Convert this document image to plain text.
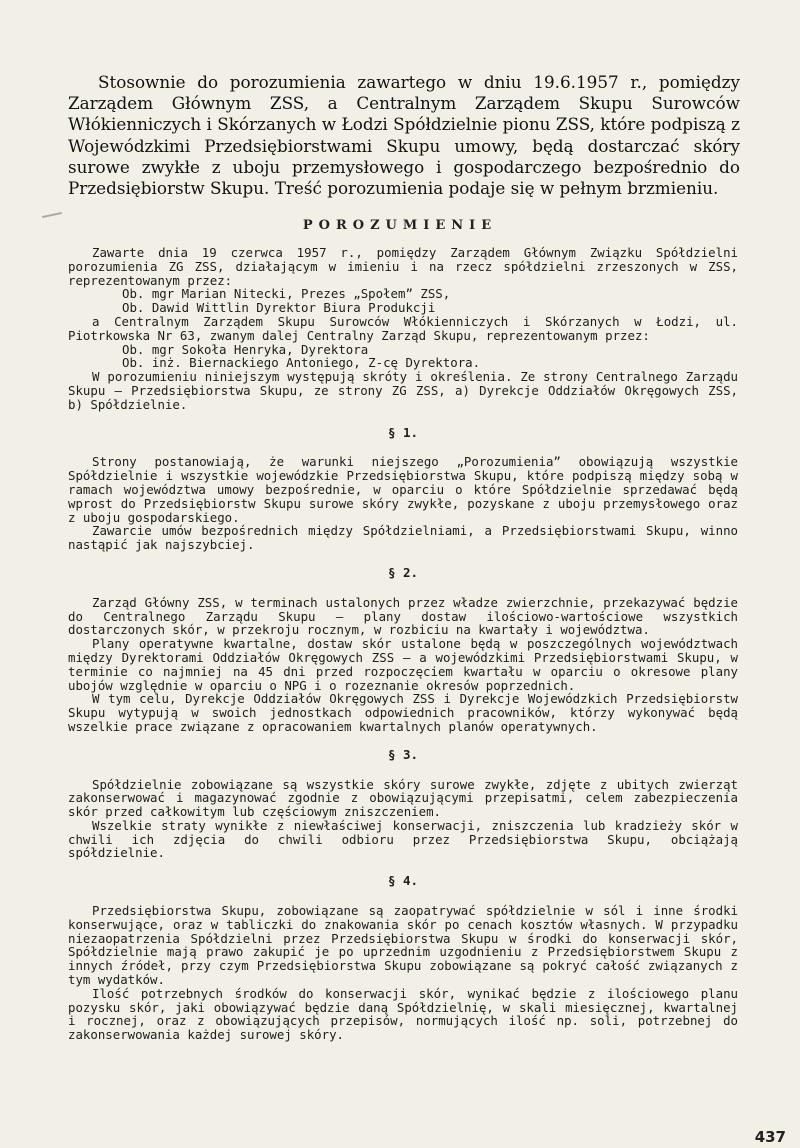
Stosownie do porozumienia zawartego w dniu 19.6.1957 r., pomiędzy Zarządem Głównym ZSS, a Centralnym Zarządem Skupu Surowców Włókienniczych i Skórzanych w Łodzi Spółdzielnie pionu ZSS, które podpiszą z Wojewódzkimi Przedsiębiorstwami Skupu umowy, będą dostarczać skóry surowe zwykłe z uboju przemysłowego i gospodarczego bezpośrednio do Przedsiębiorstw Skupu. Treść porozumienia podaje się w pełnym brzmieniu.

POROZUMIENIE

Zawarte dnia 19 czerwca 1957 r., pomiędzy Zarządem Głównym Związku Spółdzielni porozumienia ZG ZSS, działającym w imieniu i na rzecz spółdzielni zrzeszonych w ZSS, reprezentowanym przez:

Ob. mgr Marian Nitecki, Prezes „Społem” ZSS,

Ob. Dawid Wittlin Dyrektor Biura Produkcji

a Centralnym Zarządem Skupu Surowców Włókienniczych i Skórzanych w Łodzi, ul. Piotrkowska Nr 63, zwanym dalej Centralny Zarząd Skupu, reprezentowanym przez:

Ob. mgr Sokoła Henryka, Dyrektora

Ob. inż. Biernackiego Antoniego, Z-cę Dyrektora.

W porozumieniu niniejszym występują skróty i określenia. Ze strony Centralnego Zarządu Skupu — Przedsiębiorstwa Skupu, ze strony ZG ZSS, a) Dyrekcje Oddziałów Okręgowych ZSS, b) Spółdzielnie.

§ 1.

Strony postanowiają, że warunki niejszego „Porozumienia” obowiązują wszystkie Spółdzielnie i wszystkie wojewódzkie Przedsiębiorstwa Skupu, które podpiszą między sobą w ramach województwa umowy bezpośrednie, w oparciu o które Spółdzielnie sprzedawać będą wprost do Przedsiębiorstw Skupu surowe skóry zwykłe, pozyskane z uboju przemysłowego oraz z uboju gospodarskiego.

Zawarcie umów bezpośrednich między Spółdzielniami, a Przedsiębiorstwami Skupu, winno nastąpić jak najszybciej.

§ 2.

Zarząd Główny ZSS, w terminach ustalonych przez władze zwierzchnie, przekazywać będzie do Centralnego Zarządu Skupu — plany dostaw ilościowo-wartościowe wszystkich dostarczonych skór, w przekroju rocznym, w rozbiciu na kwartały i województwa.

Plany operatywne kwartalne, dostaw skór ustalone będą w poszczególnych województwach między Dyrektorami Oddziałów Okręgowych ZSS — a wojewódzkimi Przedsiębiorstwami Skupu, w terminie co najmniej na 45 dni przed rozpoczęciem kwartału w oparciu o okresowe plany ubojów względnie w oparciu o NPG i o rozeznanie okresów poprzednich.

W tym celu, Dyrekcje Oddziałów Okręgowych ZSS i Dyrekcje Wojewódzkich Przedsiębiorstw Skupu wytypują w swoich jednostkach odpowiednich pracowników, którzy wykonywać będą wszelkie prace związane z opracowaniem kwartalnych planów operatywnych.

§ 3.

Spółdzielnie zobowiązane są wszystkie skóry surowe zwykłe, zdjęte z ubitych zwierząt zakonserwować i magazynować zgodnie z obowiązującymi przepisatmi, celem zabezpieczenia skór przed całkowitym lub częściowym zniszczeniem.

Wszelkie straty wynikłe z niewłaściwej konserwacji, zniszczenia lub kradzieży skór w chwili ich zdjęcia do chwili odbioru przez Przedsiębiorstwa Skupu, obciążają spółdzielnie.

§ 4.

Przedsiębiorstwa Skupu, zobowiązane są zaopatrywać spółdzielnie w sól i inne środki konserwujące, oraz w tabliczki do znakowania skór po cenach kosztów własnych. W przypadku niezaopatrzenia Spółdzielni przez Przedsiębiorstwa Skupu w środki do konserwacji skór, Spółdzielnie mają prawo zakupić je po uprzednim uzgodnieniu z Przedsiębiorstwem Skupu z innych źródeł, przy czym Przedsiębiorstwa Skupu zobowiązane są pokryć całość związanych z tym wydatków.

Ilość potrzebnych środków do konserwacji skór, wynikać będzie z ilościowego planu pozysku skór, jaki obowiązywać będzie daną Spółdzielnię, w skali miesięcznej, kwartalnej i rocznej, oraz z obowiązujących przepisów, normujących ilość np. soli, potrzebnej do zakonserwowania każdej surowej skóry.

437
